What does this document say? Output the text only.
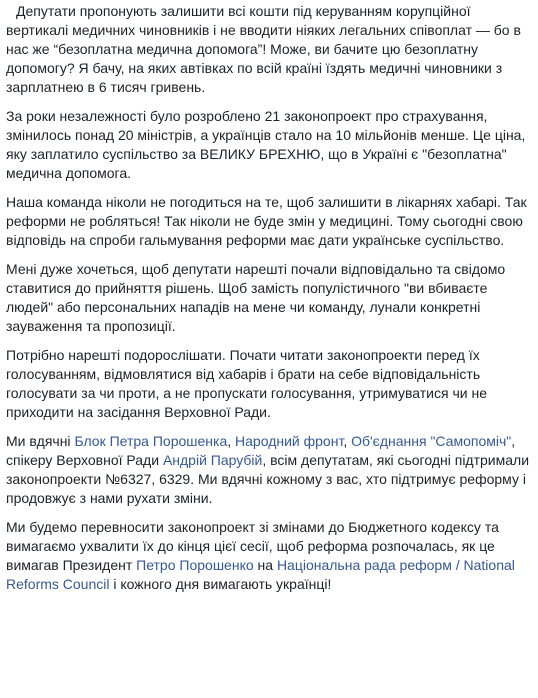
Депутати пропонують залишити всі кошти під керуванням корупційної вертикалі медичних чиновників і не вводити ніяких легальних співоплат — бо в нас же “безоплатна медична допомога”! Може, ви бачите цю безоплатну допомогу? Я бачу, на яких автівках по всій країні їздять медичні чиновники з зарплатнею в 6 тисяч гривень.

За роки незалежності було розроблено 21 законопроект про страхування, змінилось понад 20 міністрів, а українців стало на 10 мільйонів менше. Це ціна, яку заплатило суспільство за ВЕЛИКУ БРЕХНЮ, що в Україні є "безоплатна" медична допомога.

Наша команда ніколи не погодиться на те, щоб залишити в лікарнях хабарі. Так реформи не робляться! Так ніколи не буде змін у медицині. Тому сьогодні свою відповідь на спроби гальмування реформи має дати українське суспільство.

Мені дуже хочеться, щоб депутати нарешті почали відповідально та свідомо ставитися до прийняття рішень. Щоб замість популістичного "ви вбиваєте людей" або персональних нападів на мене чи команду, лунали конкретні зауваження та пропозиції.

Потрібно нарешті подорослішати. Почати читати законопроекти перед їх голосуванням, відмовлятися від хабарів і брати на себе відповідальність голосувати за чи проти, а не пропускати голосування, утримуватися чи не приходити на засідання Верховної Ради.

Ми вдячні Блок Петра Порошенка, Народний фронт, Об'єднання "Самопоміч", спікеру Верховної Ради Андрій Парубій, всім депутатам, які сьогодні підтримали законопроекти №6327, 6329. Ми вдячні кожному з вас, хто підтримує реформу і продовжує з нами рухати зміни.

Ми будемо перевносити законопроект зі змінами до Бюджетного кодексу та вимагаємо ухвалити їх до кінця цієї сесії, щоб реформа розпочалась, як це вимагав Президент Петро Порошенко на Національна рада реформ / National Reforms Council і кожного дня вимагають українці!
